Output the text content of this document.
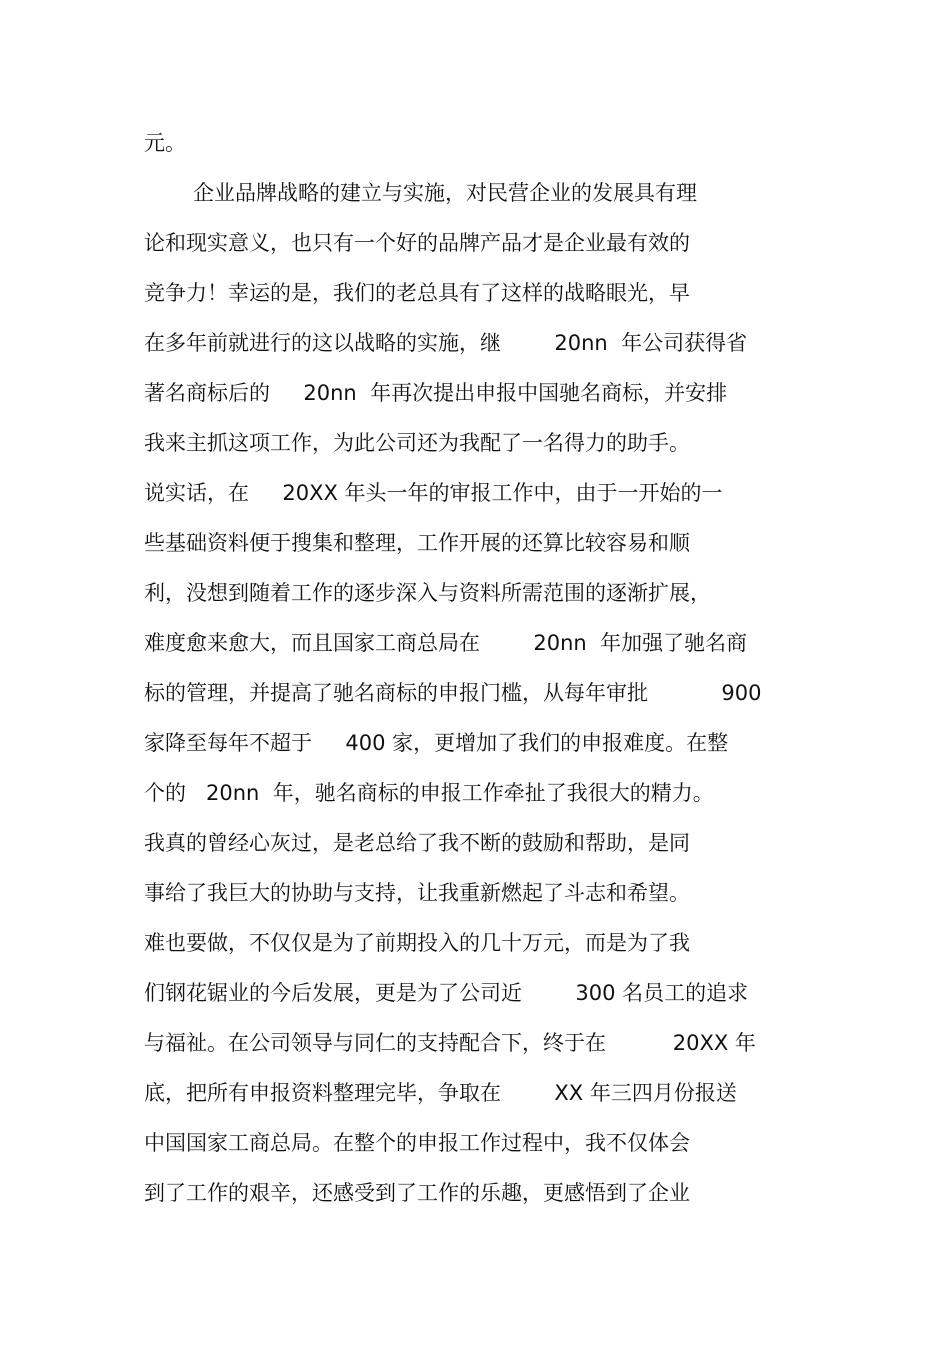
元。

企业品牌战略的建立与实施，对民营企业的发展具有理

论和现实意义，也只有一个好的品牌产品才是企业最有效的

竞争力！幸运的是，我们的老总具有了这样的战略眼光，早

在多年前就进行的这以战略的实施，继        20nn  年公司获得省

著名商标后的     20nn  年再次提出申报中国驰名商标，并安排

我来主抓这项工作，为此公司还为我配了一名得力的助手。

说实话，在     20XX 年头一年的审报工作中，由于一开始的一

些基础资料便于搜集和整理，工作开展的还算比较容易和顺

利，没想到随着工作的逐步深入与资料所需范围的逐渐扩展，

难度愈来愈大，而且国家工商总局在        20nn  年加强了驰名商

标的管理，并提高了驰名商标的申报门槛，从每年审批           900

家降至每年不超于     400 家，更增加了我们的申报难度。在整

个的   20nn  年，驰名商标的申报工作牵扯了我很大的精力。

我真的曾经心灰过，是老总给了我不断的鼓励和帮助，是同

事给了我巨大的协助与支持，让我重新燃起了斗志和希望。

难也要做，不仅仅是为了前期投入的几十万元，而是为了我

们钢花锯业的今后发展，更是为了公司近        300 名员工的追求

与福祉。在公司领导与同仁的支持配合下，终于在          20XX 年

底，把所有申报资料整理完毕，争取在        XX 年三四月份报送

中国国家工商总局。在整个的申报工作过程中，我不仅体会

到了工作的艰辛，还感受到了工作的乐趣，更感悟到了企业
